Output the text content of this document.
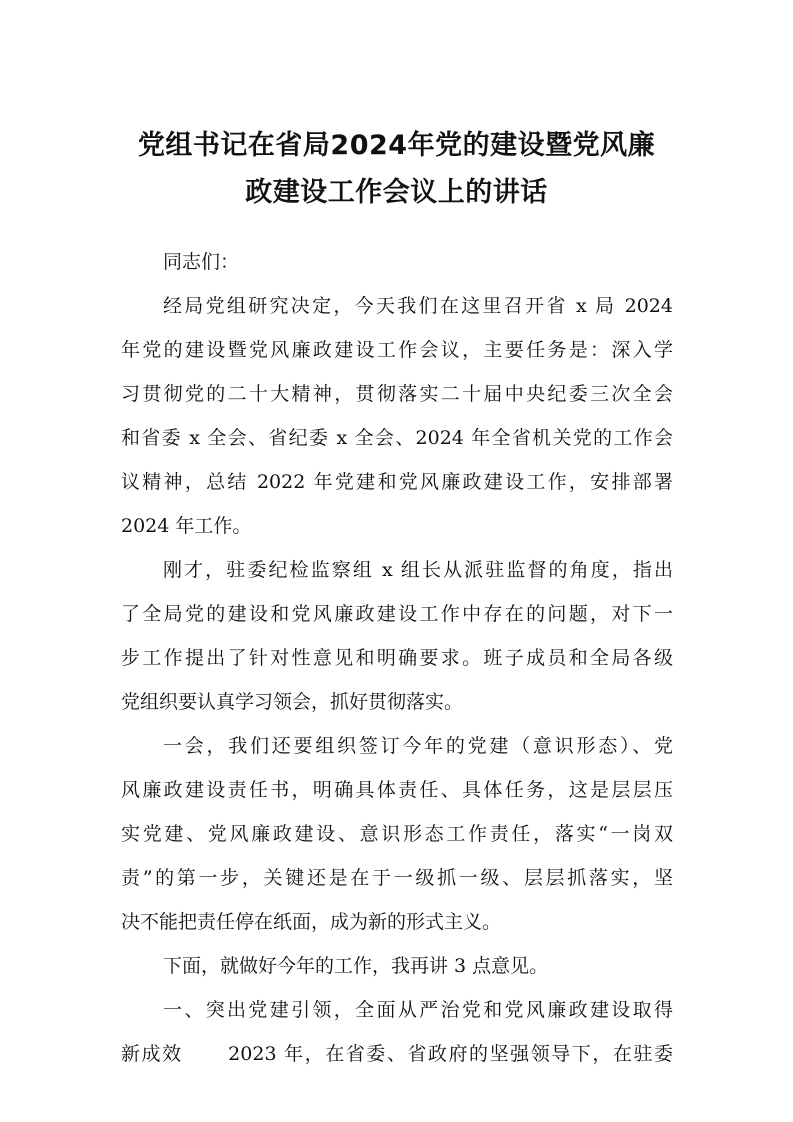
党组书记在省局2024年党的建设暨党风廉
政建设工作会议上的讲话
同志们：
经局党组研究决定，今天我们在这里召开省 x 局 2024
年党的建设暨党风廉政建设工作会议，主要任务是：深入学
习贯彻党的二十大精神，贯彻落实二十届中央纪委三次全会
和省委 x 全会、省纪委 x 全会、2024 年全省机关党的工作会
议精神，总结 2022 年党建和党风廉政建设工作，安排部署
2024 年工作。
刚才，驻委纪检监察组 x 组长从派驻监督的角度，指出
了全局党的建设和党风廉政建设工作中存在的问题，对下一
步工作提出了针对性意见和明确要求。班子成员和全局各级
党组织要认真学习领会，抓好贯彻落实。
一会，我们还要组织签订今年的党建（意识形态）、党
风廉政建设责任书，明确具体责任、具体任务，这是层层压
实党建、党风廉政建设、意识形态工作责任，落实“一岗双
责”的第一步，关键还是在于一级抓一级、层层抓落实，坚
决不能把责任停在纸面，成为新的形式主义。
下面，就做好今年的工作，我再讲 3 点意见。
一、突出党建引领，全面从严治党和党风廉政建设取得
新成效      2023 年，在省委、省政府的坚强领导下，在驻委
